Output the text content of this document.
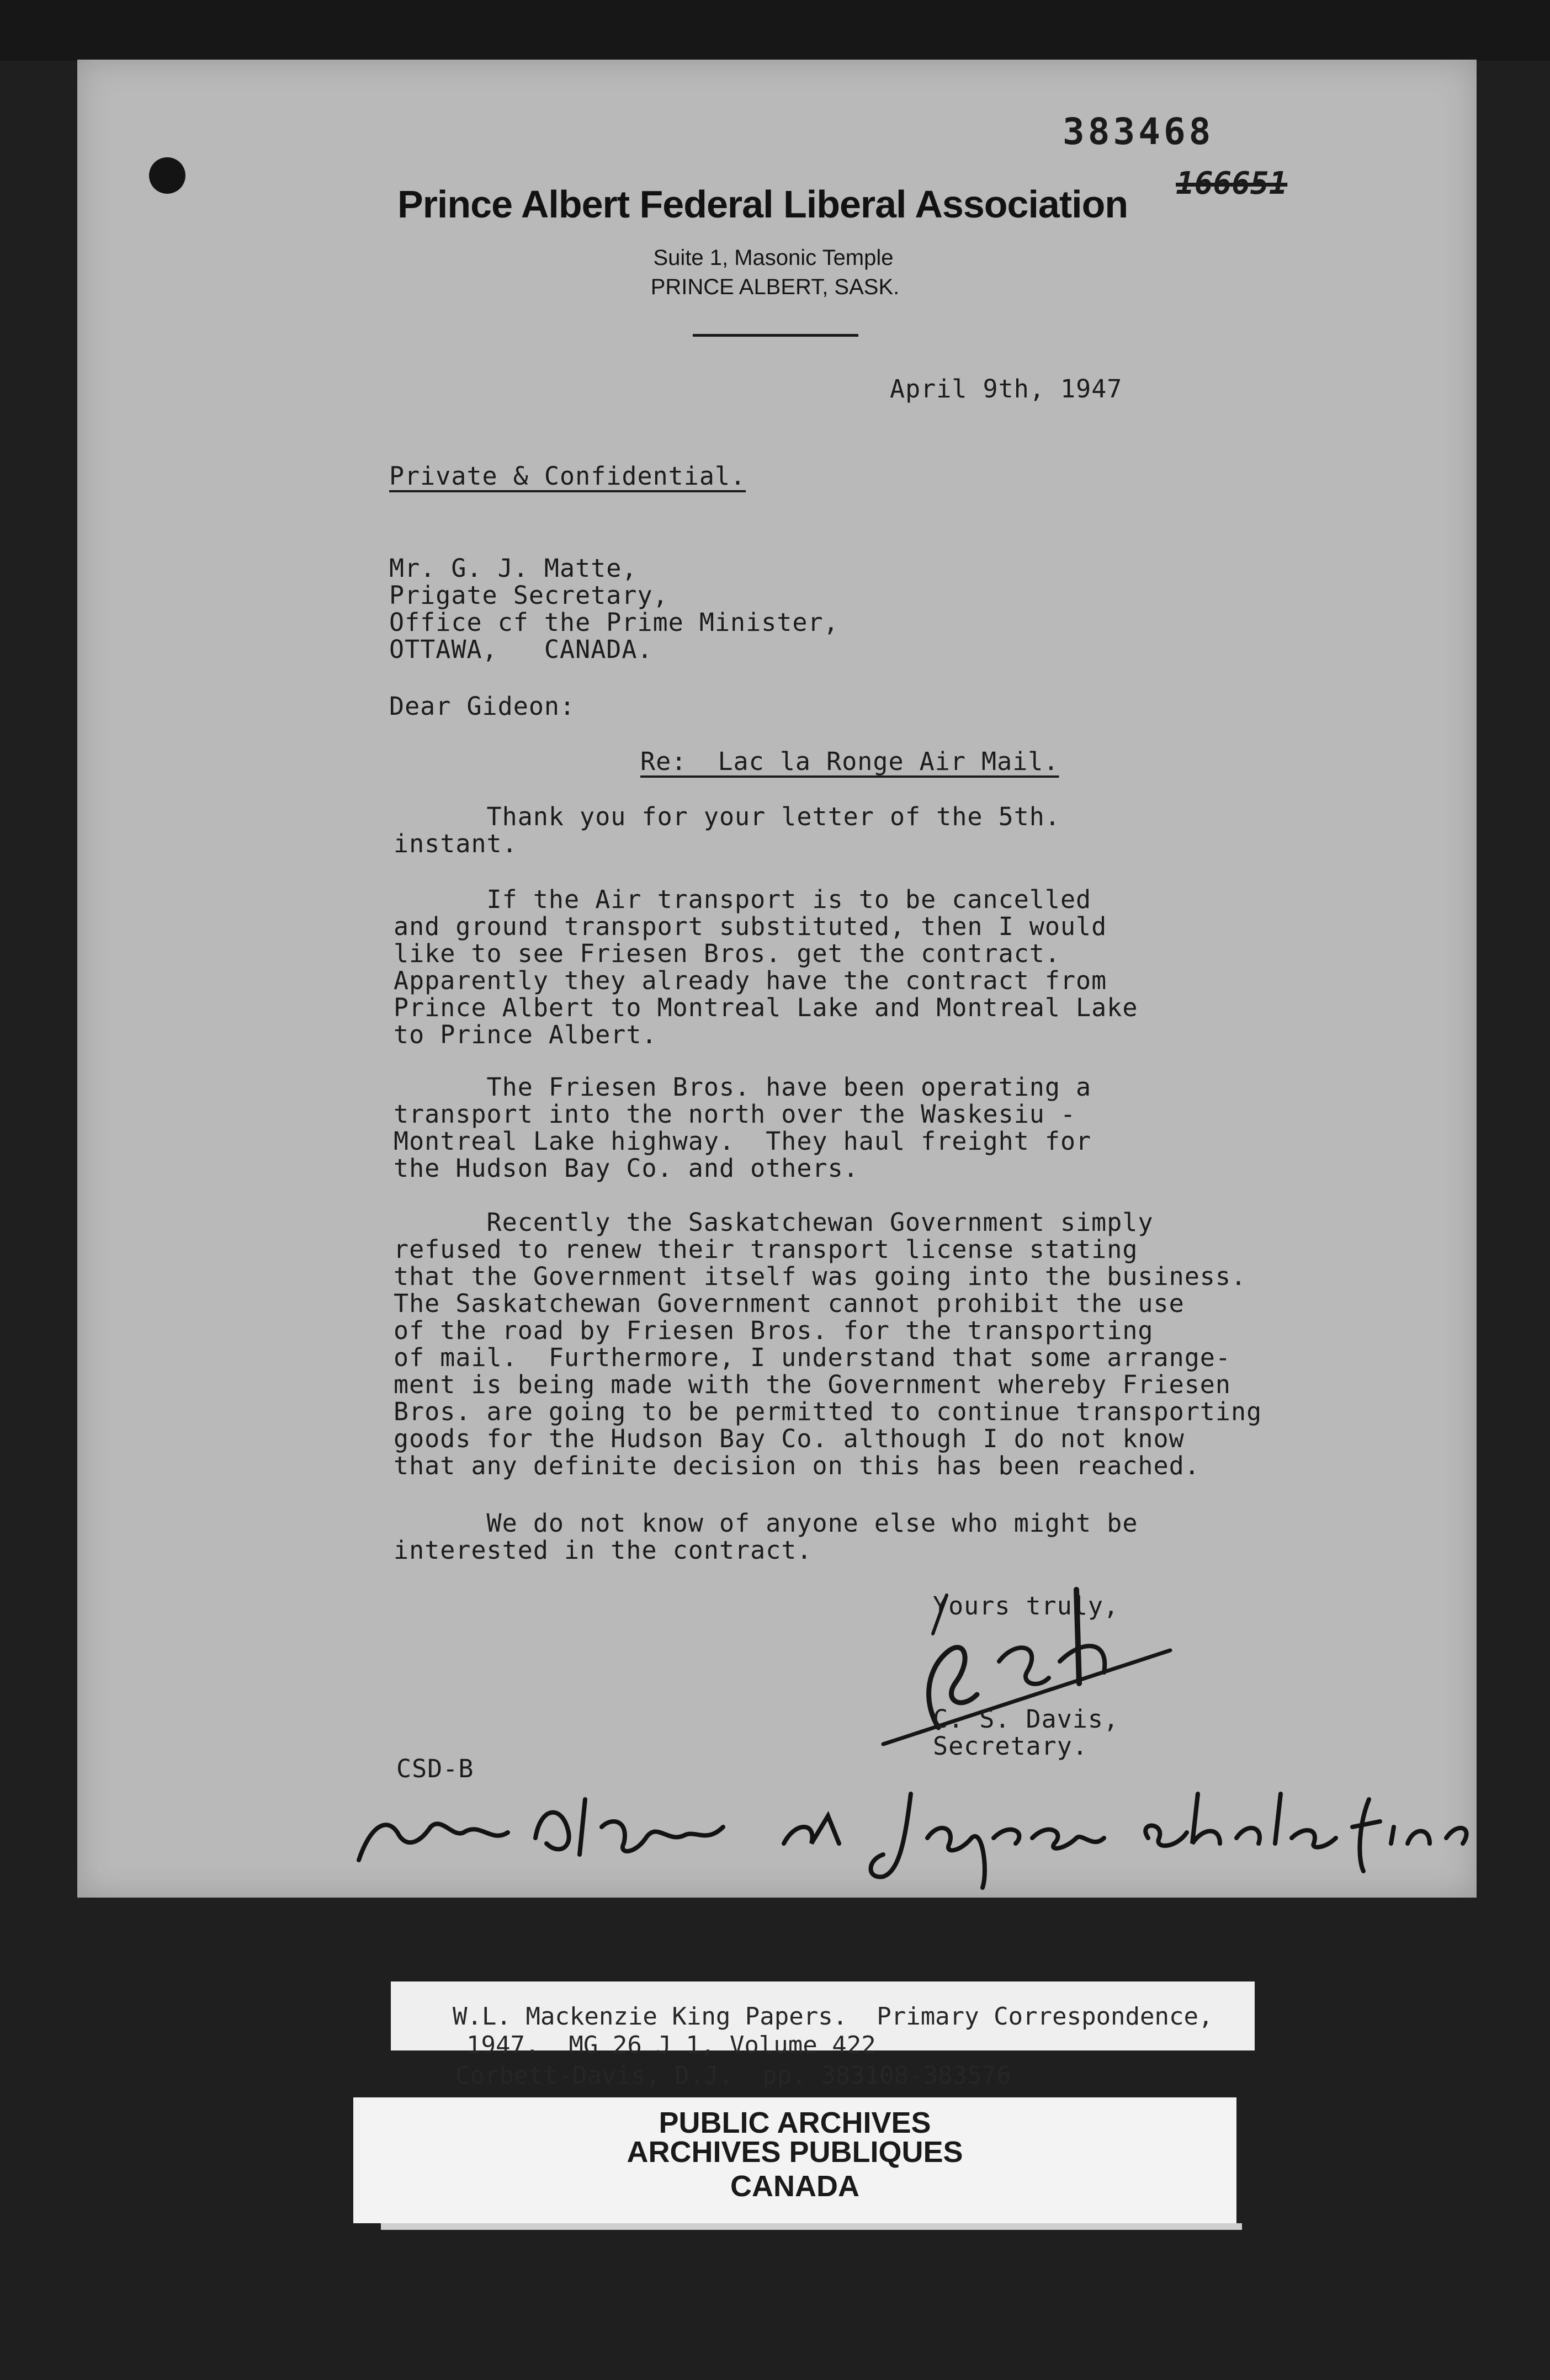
383468
166651
Prince Albert Federal Liberal Association
Suite 1, Masonic Temple
PRINCE ALBERT, SASK.
April 9th, 1947
Private & Confidential.
Mr. G. J. Matte,
Prigate Secretary,
Office cf the Prime Minister,
OTTAWA,   CANADA.
Dear Gideon:
Re:  Lac la Ronge Air Mail.
Thank you for your letter of the 5th.
instant.
If the Air transport is to be cancelled
and ground transport substituted, then I would
like to see Friesen Bros. get the contract.
Apparently they already have the contract from
Prince Albert to Montreal Lake and Montreal Lake
to Prince Albert.
The Friesen Bros. have been operating a
transport into the north over the Waskesiu -
Montreal Lake highway.  They haul freight for
the Hudson Bay Co. and others.
Recently the Saskatchewan Government simply
refused to renew their transport license stating
that the Government itself was going into the business.
The Saskatchewan Government cannot prohibit the use
of the road by Friesen Bros. for the transporting
of mail.  Furthermore, I understand that some arrange-
ment is being made with the Government whereby Friesen
Bros. are going to be permitted to continue transporting
goods for the Hudson Bay Co. although I do not know
that any definite decision on this has been reached.
We do not know of anyone else who might be
interested in the contract.
Yours truly,
C. S. Davis,
Secretary.
CSD-B
W.L. Mackenzie King Papers.  Primary Correspondence,
1947.  MG 26 J 1, Volume 422
Corbett-Davis, D.J.  pp. 383108-383576
PUBLIC ARCHIVES
ARCHIVES PUBLIQUES
CANADA
